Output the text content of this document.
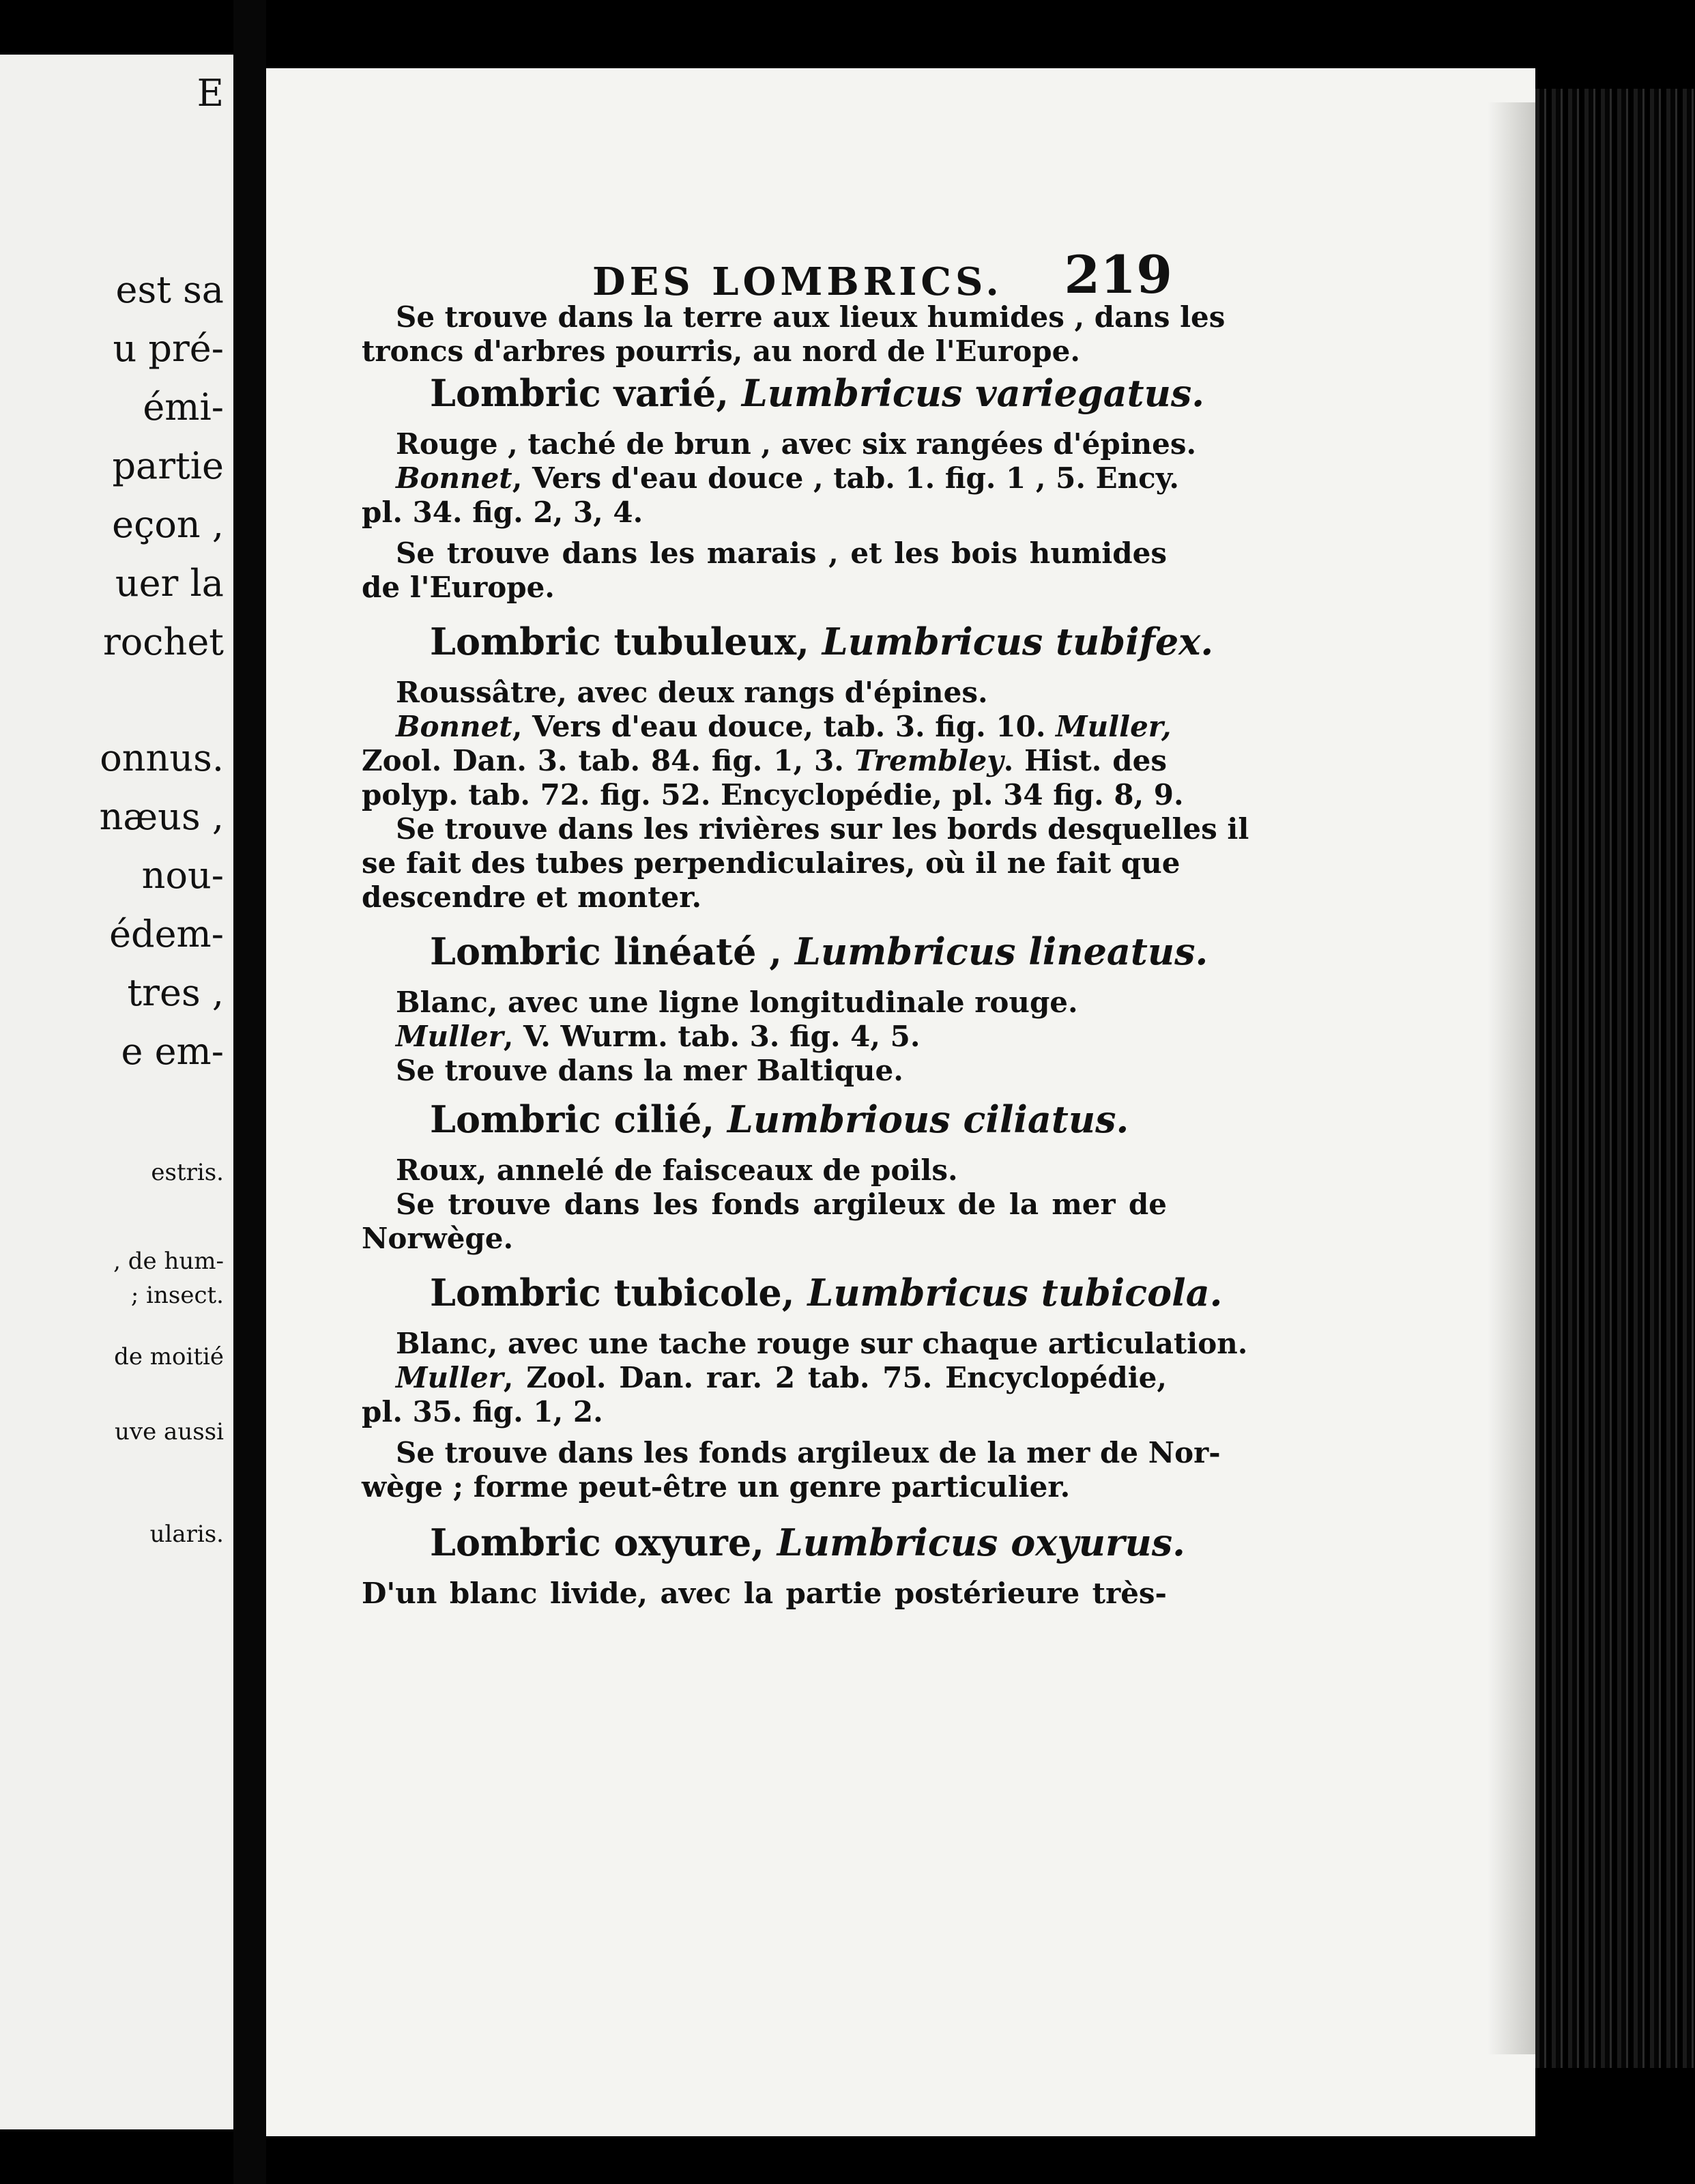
E
est sa
u pré-
émi-
partie
eçon ,
uer la
rochet
onnus.
næus ,
nou-
édem-
tres ,
e em-
estris.
, de hum-
; insect.
de moitié
uve aussi
ularis.
DES LOMBRICS. 219
Se trouve dans la terre aux lieux humides , dans les
troncs d'arbres pourris, au nord de l'Europe.
Lombric varié, Lumbricus variegatus.
Rouge , taché de brun , avec six rangées d'épines.
Bonnet, Vers d'eau douce , tab. 1. fig. 1 , 5. Ency.
pl. 34. fig. 2, 3, 4.
Se trouve dans les marais , et les bois humides
de l'Europe.
Lombric tubuleux, Lumbricus tubifex.
Roussâtre, avec deux rangs d'épines.
Bonnet, Vers d'eau douce, tab. 3. fig. 10. Muller,
Zool. Dan. 3. tab. 84. fig. 1, 3. Trembley. Hist. des
polyp. tab. 72. fig. 52. Encyclopédie, pl. 34 fig. 8, 9.
Se trouve dans les rivières sur les bords desquelles il
se fait des tubes perpendiculaires, où il ne fait que
descendre et monter.
Lombric linéaté , Lumbricus lineatus.
Blanc, avec une ligne longitudinale rouge.
Muller, V. Wurm. tab. 3. fig. 4, 5.
Se trouve dans la mer Baltique.
Lombric cilié, Lumbrious ciliatus.
Roux, annelé de faisceaux de poils.
Se trouve dans les fonds argileux de la mer de
Norwège.
Lombric tubicole, Lumbricus tubicola.
Blanc, avec une tache rouge sur chaque articulation.
Muller, Zool. Dan. rar. 2 tab. 75. Encyclopédie,
pl. 35. fig. 1, 2.
Se trouve dans les fonds argileux de la mer de Nor-
wège ; forme peut-être un genre particulier.
Lombric oxyure, Lumbricus oxyurus.
D'un blanc livide, avec la partie postérieure très-
